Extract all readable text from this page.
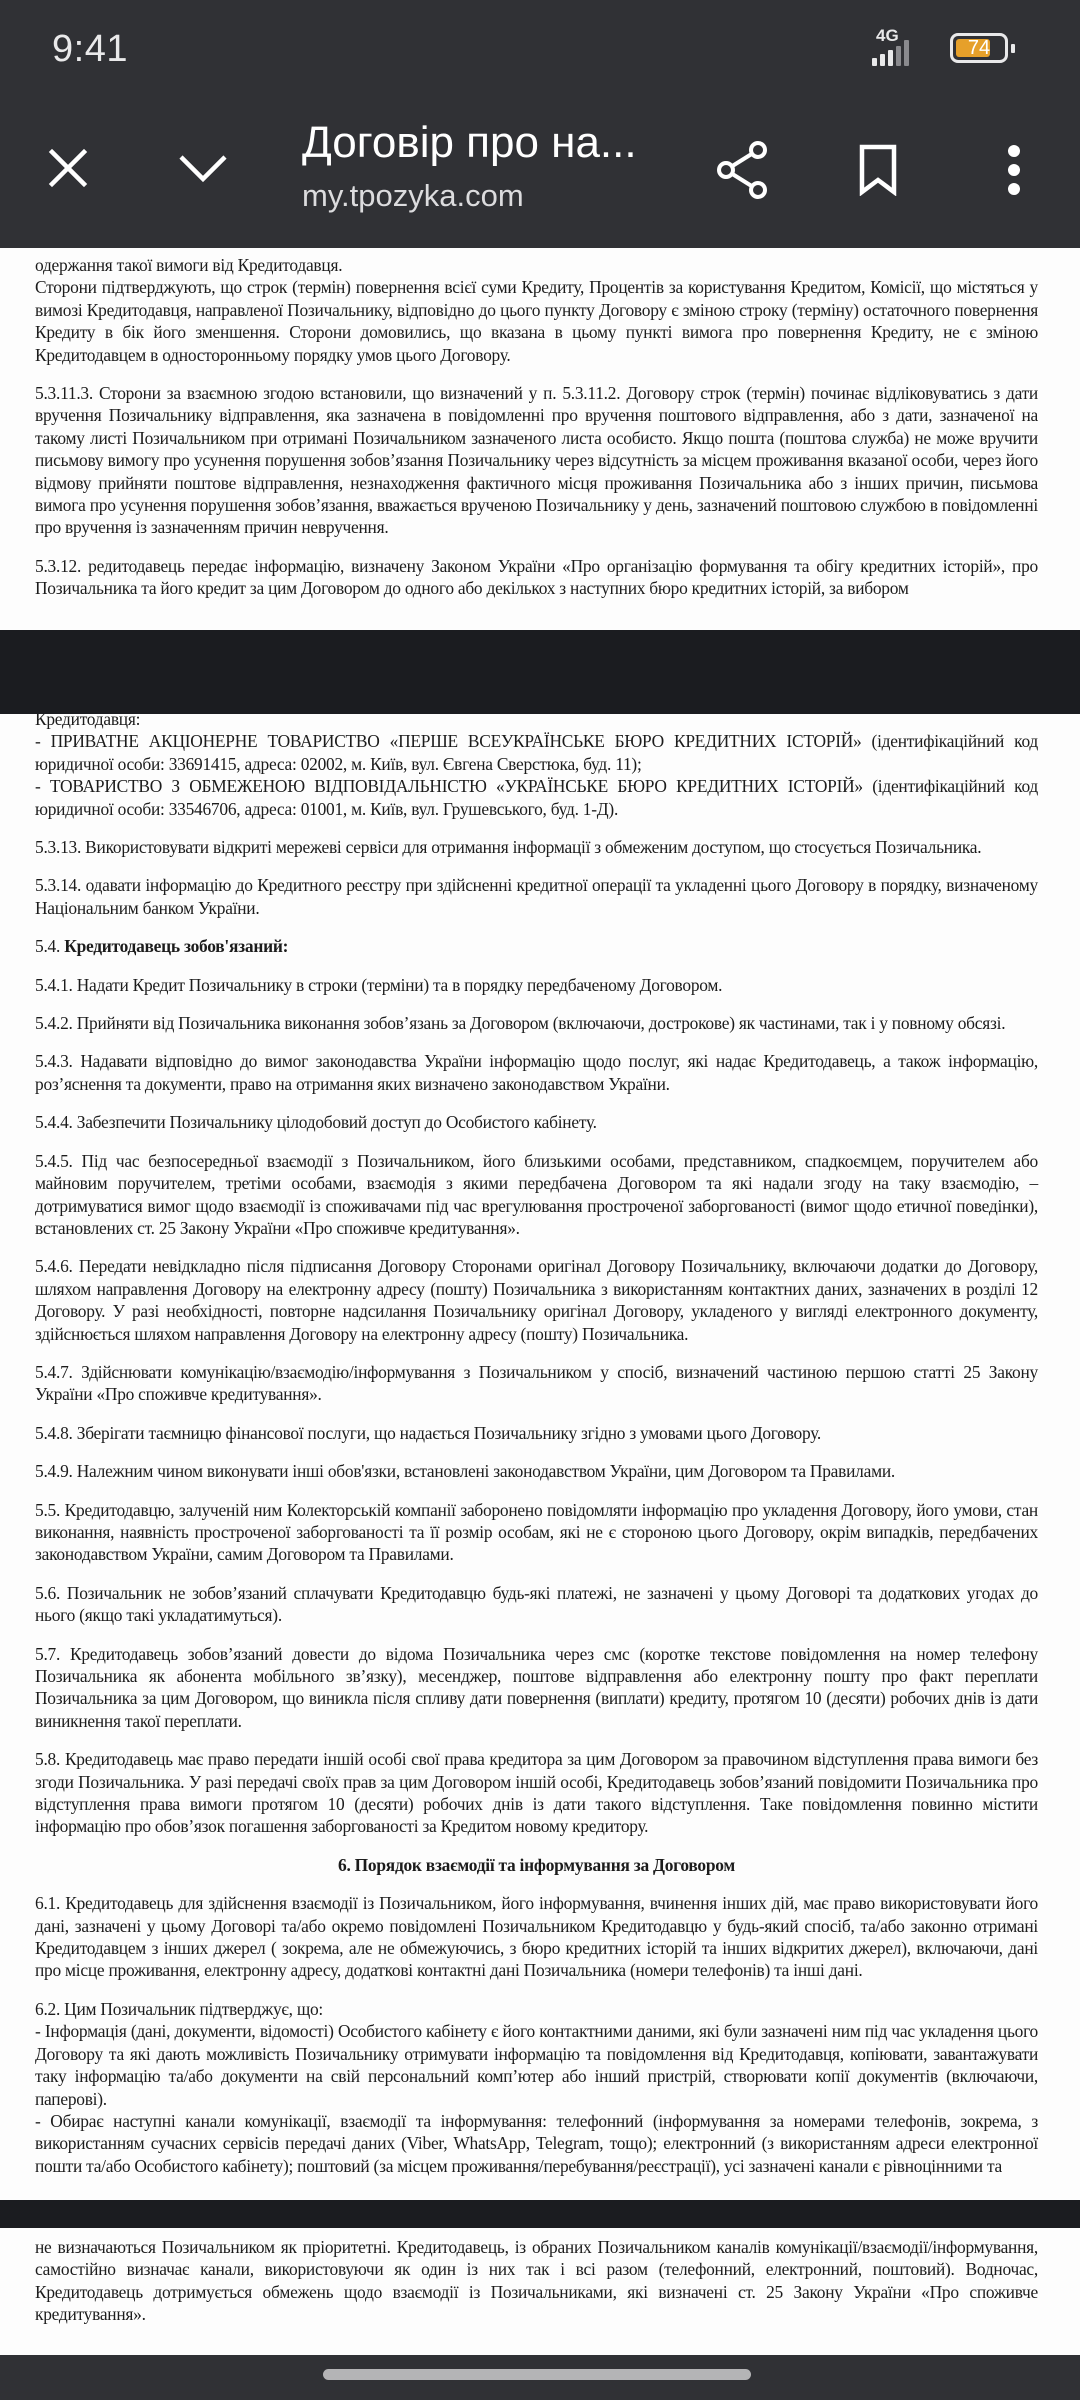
9:41	4G
74
Договір про на...
my.tpozyka.com

одержання такої вимоги від Кредитодавця.

Сторони підтверджують, що строк (термін) повернення всієї суми Кредиту, Процентів за користування Кредитом, Комісії, що містяться у вимозі Кредитодавця, направленої Позичальнику, відповідно до цього пункту Договору є зміною строку (терміну) остаточного повернення Кредиту в бік його зменшення. Сторони домовились, що вказана в цьому пункті вимога про повернення Кредиту, не є зміною Кредитодавцем в односторонньому порядку умов цього Договору.

5.3.11.3. Сторони за взаємною згодою встановили, що визначений у п. 5.3.11.2. Договору строк (термін) починає відліковуватись з дати вручення Позичальнику відправлення, яка зазначена в повідомленні про вручення поштового відправлення, або з дати, зазначеної на такому листі Позичальником при отримані Позичальником зазначеного листа особисто. Якщо пошта (поштова служба) не може вручити письмову вимогу про усунення порушення зобов’язання Позичальнику через відсутність за місцем проживання вказаної особи, через його відмову прийняти поштове відправлення, незнаходження фактичного місця проживання Позичальника або з інших причин, письмова вимога про усунення порушення зобов’язання, вважається врученою Позичальнику у день, зазначений поштовою службою в повідомленні про вручення із зазначенням причин невручення.

5.3.12. редитодавець передає інформацію, визначену Законом України «Про організацію формування та обігу кредитних історій», про Позичальника та його кредит за цим Договором до одного або декількох з наступних бюро кредитних історій, за вибором

Кредитодавця:

- ПРИВАТНЕ АКЦІОНЕРНЕ ТОВАРИСТВО «ПЕРШЕ ВСЕУКРАЇНСЬКЕ БЮРО КРЕДИТНИХ ІСТОРІЙ» (ідентифікаційний код юридичної особи: 33691415, адреса: 02002, м. Київ, вул. Євгена Сверстюка, буд. 11);

- ТОВАРИСТВО З ОБМЕЖЕНОЮ ВІДПОВІДАЛЬНІСТЮ «УКРАЇНСЬКЕ БЮРО КРЕДИТНИХ ІСТОРІЙ» (ідентифікаційний код юридичної особи: 33546706, адреса: 01001, м. Київ, вул. Грушевського, буд. 1-Д).

5.3.13. Використовувати відкриті мережеві сервіси для отримання інформації з обмеженим доступом, що стосується Позичальника.

5.3.14. одавати інформацію до Кредитного реєстру при здійсненні кредитної операції та укладенні цього Договору в порядку, визначеному Національним банком України.

5.4. Кредитодавець зобов'язаний:

5.4.1. Надати Кредит Позичальнику в строки (терміни) та в порядку передбаченому Договором.

5.4.2. Прийняти від Позичальника виконання зобов’язань за Договором (включаючи, дострокове) як частинами, так і у повному обсязі.

5.4.3. Надавати відповідно до вимог законодавства України інформацію щодо послуг, які надає Кредитодавець, а також інформацію, роз’яснення та документи, право на отримання яких визначено законодавством України.

5.4.4. Забезпечити Позичальнику цілодобовий доступ до Особистого кабінету.

5.4.5. Під час безпосередньої взаємодії з Позичальником, його близькими особами, представником, спадкоємцем, поручителем або майновим поручителем, третіми особами, взаємодія з якими передбачена Договором та які надали згоду на таку взаємодію, – дотримуватися вимог щодо взаємодії із споживачами під час врегулювання простроченої заборгованості (вимог щодо етичної поведінки), встановлених ст. 25 Закону України «Про споживче кредитування».

5.4.6. Передати невідкладно після підписання Договору Сторонами оригінал Договору Позичальнику, включаючи додатки до Договору, шляхом направлення Договору на електронну адресу (пошту) Позичальника з використанням контактних даних, зазначених в розділі 12 Договору. У разі необхідності, повторне надсилання Позичальнику оригінал Договору, укладеного у вигляді електронного документу, здійснюється шляхом направлення Договору на електронну адресу (пошту) Позичальника.

5.4.7. Здійснювати комунікацію/взаємодію/інформування з Позичальником у спосіб, визначений частиною першою статті 25 Закону України «Про споживче кредитування».

5.4.8. Зберігати таємницю фінансової послуги, що надається Позичальнику згідно з умовами цього Договору.

5.4.9. Належним чином виконувати інші обов'язки, встановлені законодавством України, цим Договором та Правилами.

5.5. Кредитодавцю, залученій ним Колекторській компанії заборонено повідомляти інформацію про укладення Договору, його умови, стан виконання, наявність простроченої заборгованості та її розмір особам, які не є стороною цього Договору, окрім випадків, передбачених законодавством України, самим Договором та Правилами.

5.6. Позичальник не зобов’язаний сплачувати Кредитодавцю будь-які платежі, не зазначені у цьому Договорі та додаткових угодах до нього (якщо такі укладатимуться).

5.7. Кредитодавець зобов’язаний довести до відома Позичальника через смс (коротке текстове повідомлення на номер телефону Позичальника як абонента мобільного зв’язку), месенджер, поштове відправлення або електронну пошту про факт переплати Позичальника за цим Договором, що виникла після спливу дати повернення (виплати) кредиту, протягом 10 (десяти) робочих днів із дати виникнення такої переплати.

5.8. Кредитодавець має право передати іншій особі свої права кредитора за цим Договором за правочином відступлення права вимоги без згоди Позичальника. У разі передачі своїх прав за цим Договором іншій особі, Кредитодавець зобов’язаний повідомити Позичальника про відступлення права вимоги протягом 10 (десяти) робочих днів із дати такого відступлення. Таке повідомлення повинно містити інформацію про обов’язок погашення заборгованості за Кредитом новому кредитору.

6. Порядок взаємодії та інформування за Договором

6.1. Кредитодавець для здійснення взаємодії із Позичальником, його інформування, вчинення інших дій, має право використовувати його дані, зазначені у цьому Договорі та/або окремо повідомлені Позичальником Кредитодавцю у будь-який спосіб, та/або законно отримані Кредитодавцем з інших джерел ( зокрема, але не обмежуючись, з бюро кредитних історій та інших відкритих джерел), включаючи, дані про місце проживання, електронну адресу, додаткові контактні дані Позичальника (номери телефонів) та інші дані.

6.2. Цим Позичальник підтверджує, що:

- Інформація (дані, документи, відомості) Особистого кабінету є його контактними даними, які були зазначені ним під час укладення цього Договору та які дають можливість Позичальнику отримувати інформацію та повідомлення від Кредитодавця, копіювати, завантажувати таку інформацію та/або документи на свій персональний комп’ютер або інший пристрій, створювати копії документів (включаючи, паперові).

- Обирає наступні канали комунікації, взаємодії та інформування: телефонний (інформування за номерами телефонів, зокрема, з використанням сучасних сервісів передачі даних (Viber, WhatsApp, Telegram, тощо); електронний (з використанням адреси електронної пошти та/або Особистого кабінету); поштовий (за місцем проживання/перебування/реєстрації), усі зазначені канали є рівноцінними та

не визначаються Позичальником як пріоритетні. Кредитодавець, із обраних Позичальником каналів комунікації/взаємодії/інформування, самостійно визначає канали, використовуючи як один із них так і всі разом (телефонний, електронний, поштовий). Водночас, Кредитодавець дотримується обмежень щодо взаємодії із Позичальниками, які визначені ст. 25 Закону України «Про споживче кредитування».
